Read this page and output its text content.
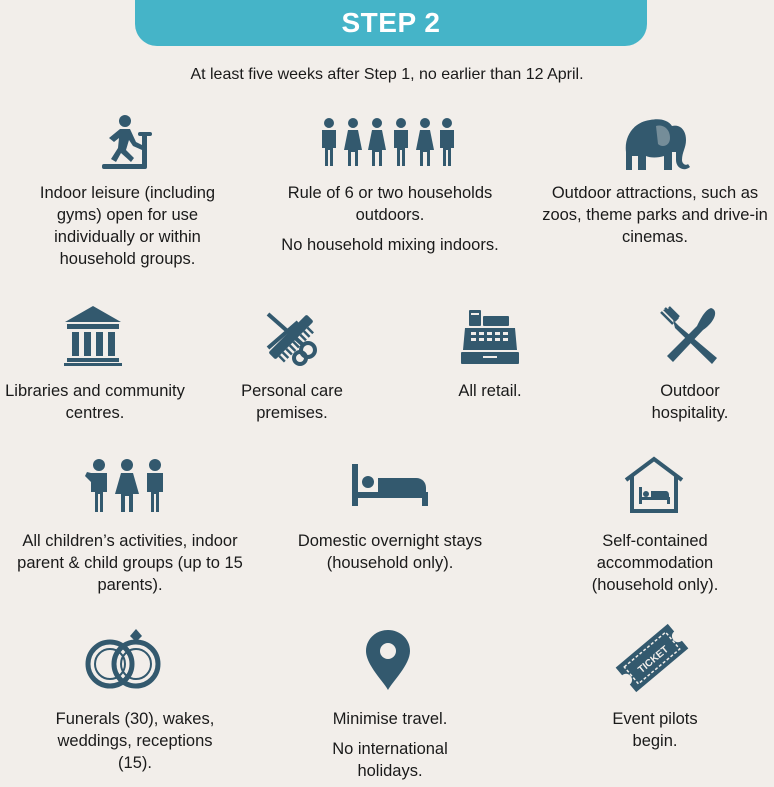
STEP 2
At least five weeks after Step 1, no earlier than 12 April.

Indoor leisure (including gyms) open for use individually or within household groups.

Rule of 6 or two households outdoors.

No household mixing indoors.

Outdoor attractions, such as zoos, theme parks and drive-in cinemas.

Libraries and community centres.

Personal care premises.

All retail.	Outdoor hospitality.

All children’s activities, indoor parent & child groups (up to 15 parents).

Domestic overnight stays (household only).

Self-contained accommodation (household only).

Funerals (30), wakes, weddings, receptions (15).

Minimise travel.

No international holidays.

TICKET

Event pilots begin.
